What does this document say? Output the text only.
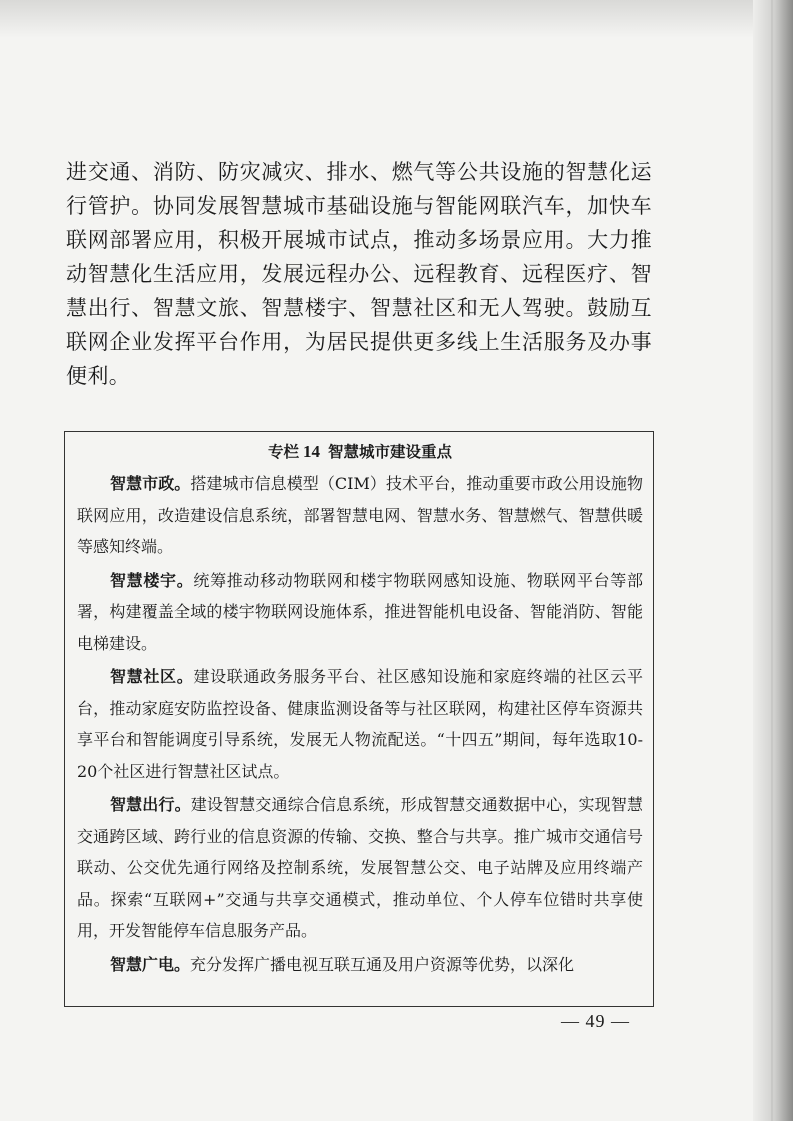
进交通、消防、防灾减灾、排水、燃气等公共设施的智慧化运行管护。协同发展智慧城市基础设施与智能网联汽车，加快车联网部署应用，积极开展城市试点，推动多场景应用。大力推动智慧化生活应用，发展远程办公、远程教育、远程医疗、智慧出行、智慧文旅、智慧楼宇、智慧社区和无人驾驶。鼓励互联网企业发挥平台作用，为居民提供更多线上生活服务及办事便利。
专栏 14 智慧城市建设重点

智慧市政。搭建城市信息模型（CIM）技术平台，推动重要市政公用设施物联网应用，改造建设信息系统，部署智慧电网、智慧水务、智慧燃气、智慧供暖等感知终端。

智慧楼宇。统筹推动移动物联网和楼宇物联网感知设施、物联网平台等部署，构建覆盖全域的楼宇物联网设施体系，推进智能机电设备、智能消防、智能电梯建设。

智慧社区。建设联通政务服务平台、社区感知设施和家庭终端的社区云平台，推动家庭安防监控设备、健康监测设备等与社区联网，构建社区停车资源共享平台和智能调度引导系统，发展无人物流配送。“十四五”期间，每年选取10-20个社区进行智慧社区试点。

智慧出行。建设智慧交通综合信息系统，形成智慧交通数据中心，实现智慧交通跨区域、跨行业的信息资源的传输、交换、整合与共享。推广城市交通信号联动、公交优先通行网络及控制系统，发展智慧公交、电子站牌及应用终端产品。探索“互联网+”交通与共享交通模式，推动单位、个人停车位错时共享使用，开发智能停车信息服务产品。

智慧广电。充分发挥广播电视互联互通及用户资源等优势，以深化

— 49 —
